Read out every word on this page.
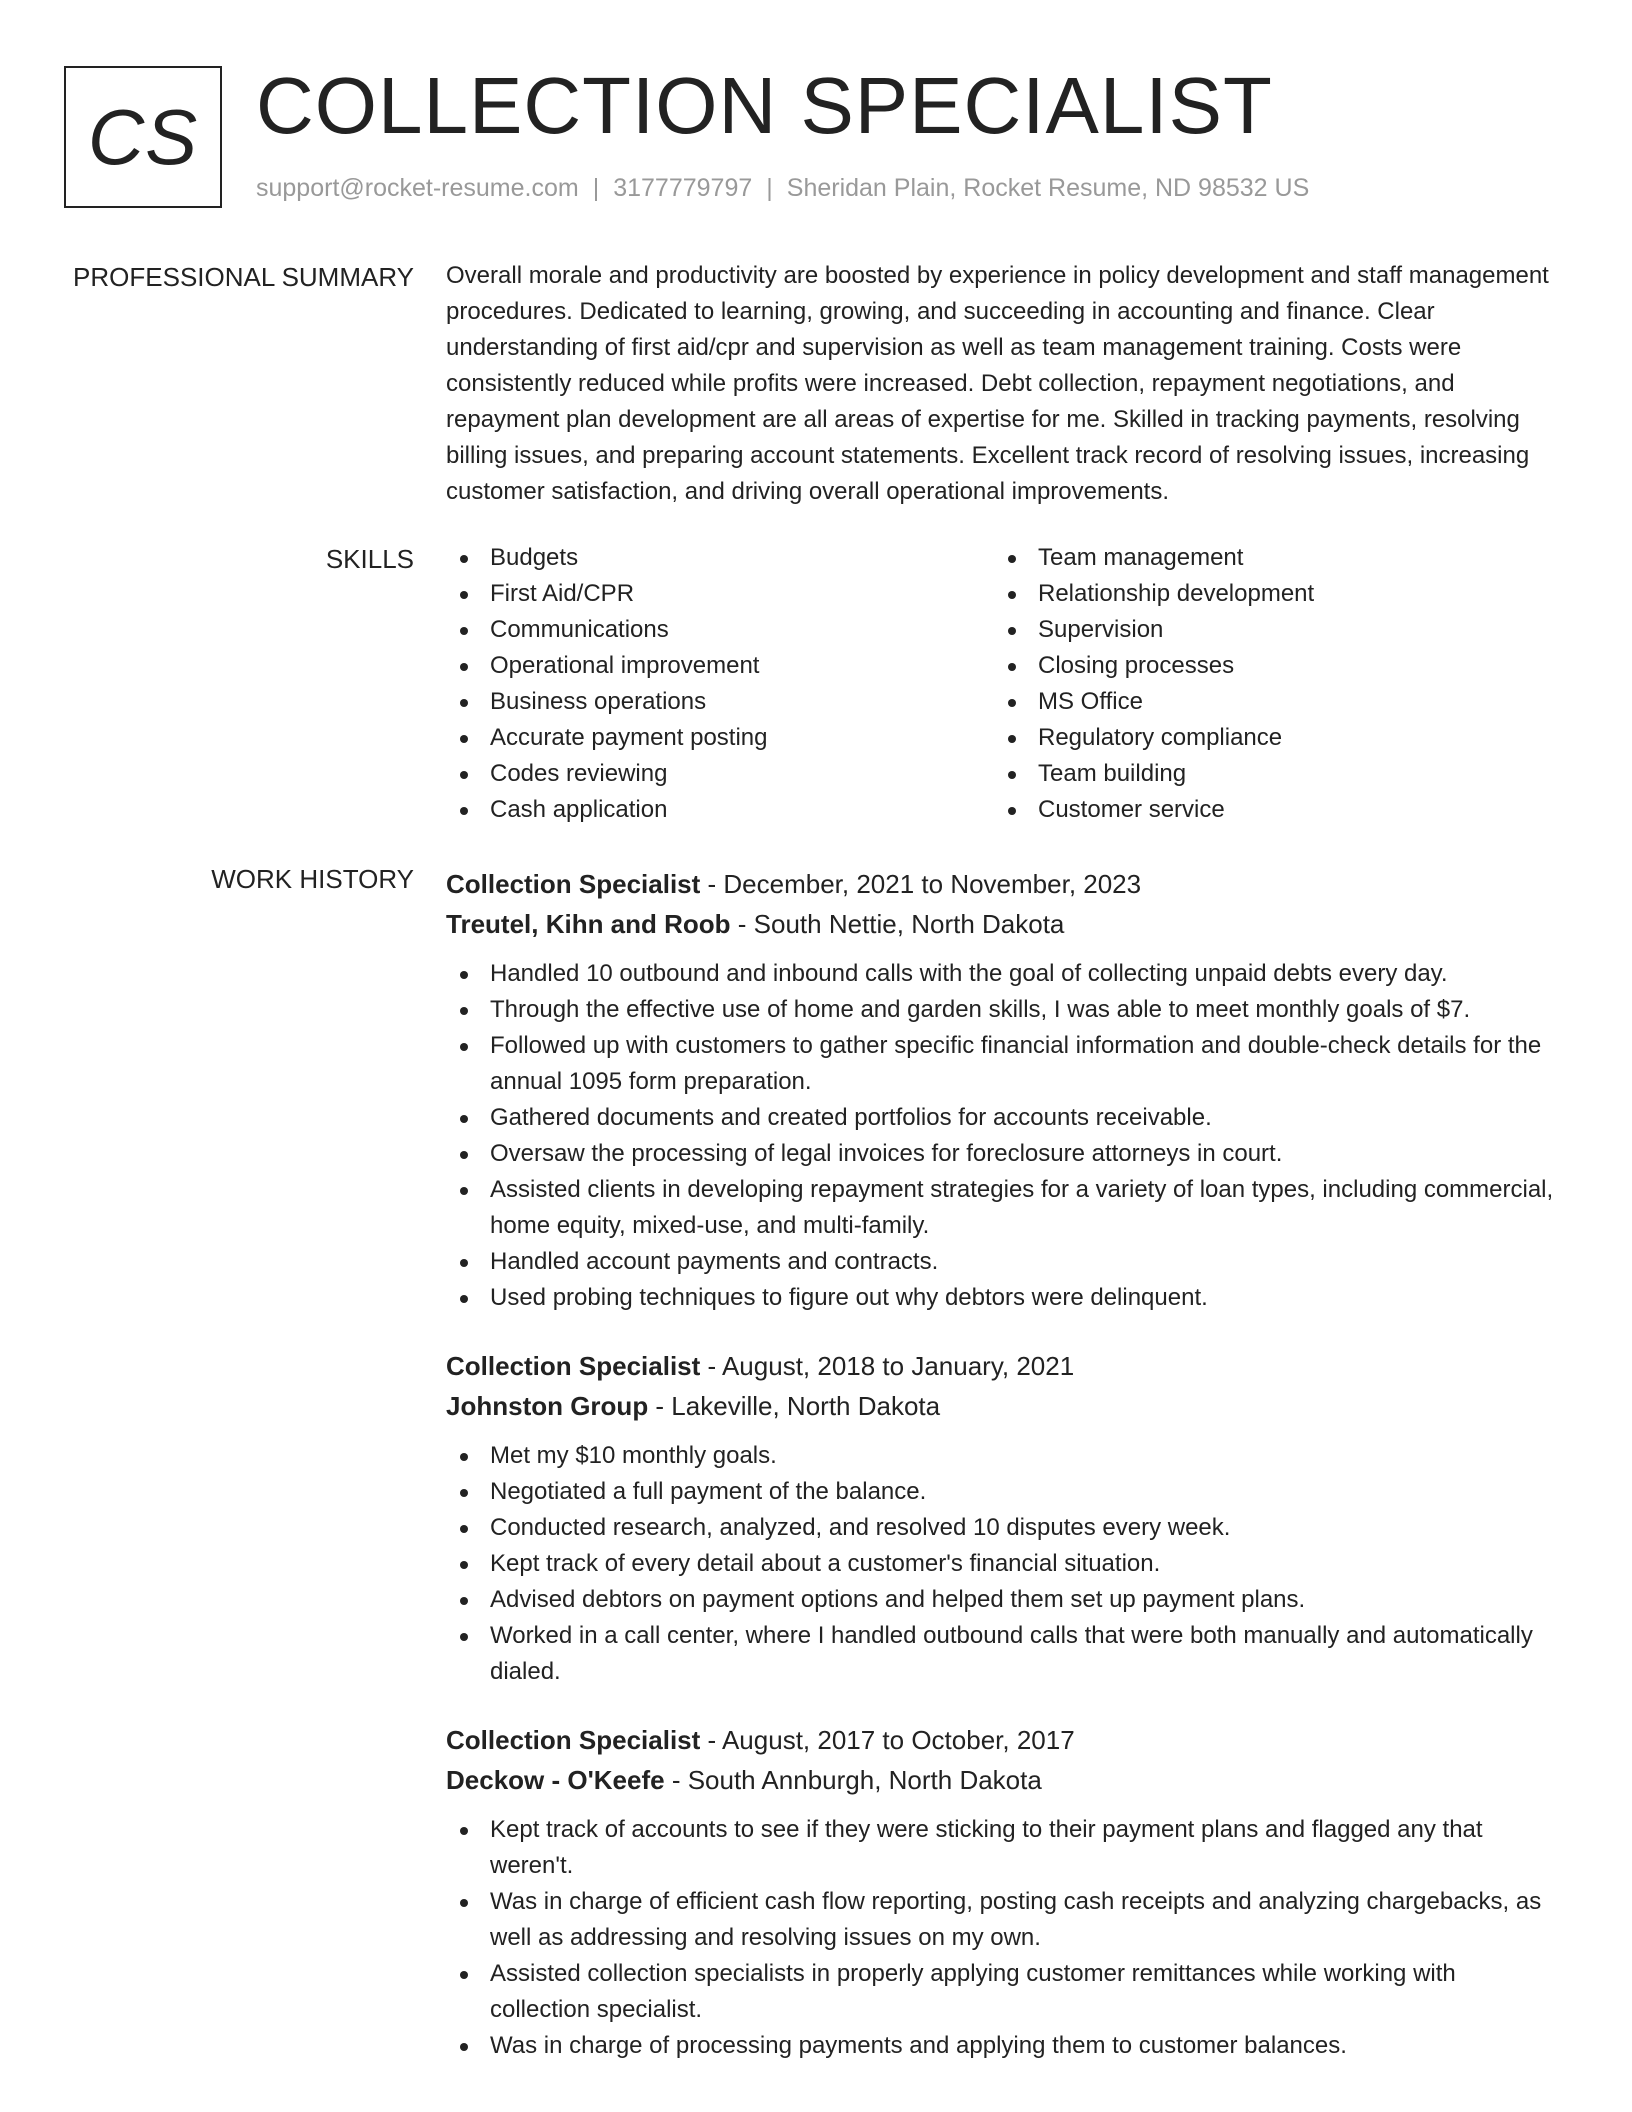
CS COLLECTION SPECIALIST
support@rocket-resume.com | 3177779797 | Sheridan Plain, Rocket Resume, ND 98532 US
PROFESSIONAL SUMMARY Overall morale and productivity are boosted by experience in policy development and staff management procedures. Dedicated to learning, growing, and succeeding in accounting and finance. Clear understanding of first aid/cpr and supervision as well as team management training. Costs were consistently reduced while profits were increased. Debt collection, repayment negotiations, and repayment plan development are all areas of expertise for me. Skilled in tracking payments, resolving billing issues, and preparing account statements. Excellent track record of resolving issues, increasing customer satisfaction, and driving overall operational improvements.
SKILLS	Budgets
First Aid/CPR
Communications
Operational improvement
Business operations
Accurate payment posting
Codes reviewing
Cash application
Team management
Relationship development
Supervision
Closing processes
MS Office
Regulatory compliance
Team building
Customer service
WORK HISTORY Collection Specialist - December, 2021 to November, 2023
Treutel, Kihn and Roob - South Nettie, North Dakota
Handled 10 outbound and inbound calls with the goal of collecting unpaid debts every day.
Through the effective use of home and garden skills, I was able to meet monthly goals of $7.
Followed up with customers to gather specific financial information and double-check details for the annual 1095 form preparation.
Gathered documents and created portfolios for accounts receivable.
Oversaw the processing of legal invoices for foreclosure attorneys in court.
Assisted clients in developing repayment strategies for a variety of loan types, including commercial, home equity, mixed-use, and multi-family.
Handled account payments and contracts.
Used probing techniques to figure out why debtors were delinquent.
Collection Specialist - August, 2018 to January, 2021
Johnston Group - Lakeville, North Dakota
Met my $10 monthly goals.
Negotiated a full payment of the balance.
Conducted research, analyzed, and resolved 10 disputes every week.
Kept track of every detail about a customer's financial situation.
Advised debtors on payment options and helped them set up payment plans.
Worked in a call center, where I handled outbound calls that were both manually and automatically dialed.
Collection Specialist - August, 2017 to October, 2017
Deckow - O'Keefe - South Annburgh, North Dakota
Kept track of accounts to see if they were sticking to their payment plans and flagged any that weren't.
Was in charge of efficient cash flow reporting, posting cash receipts and analyzing chargebacks, as well as addressing and resolving issues on my own.
Assisted collection specialists in properly applying customer remittances while working with collection specialist.
Was in charge of processing payments and applying them to customer balances.
